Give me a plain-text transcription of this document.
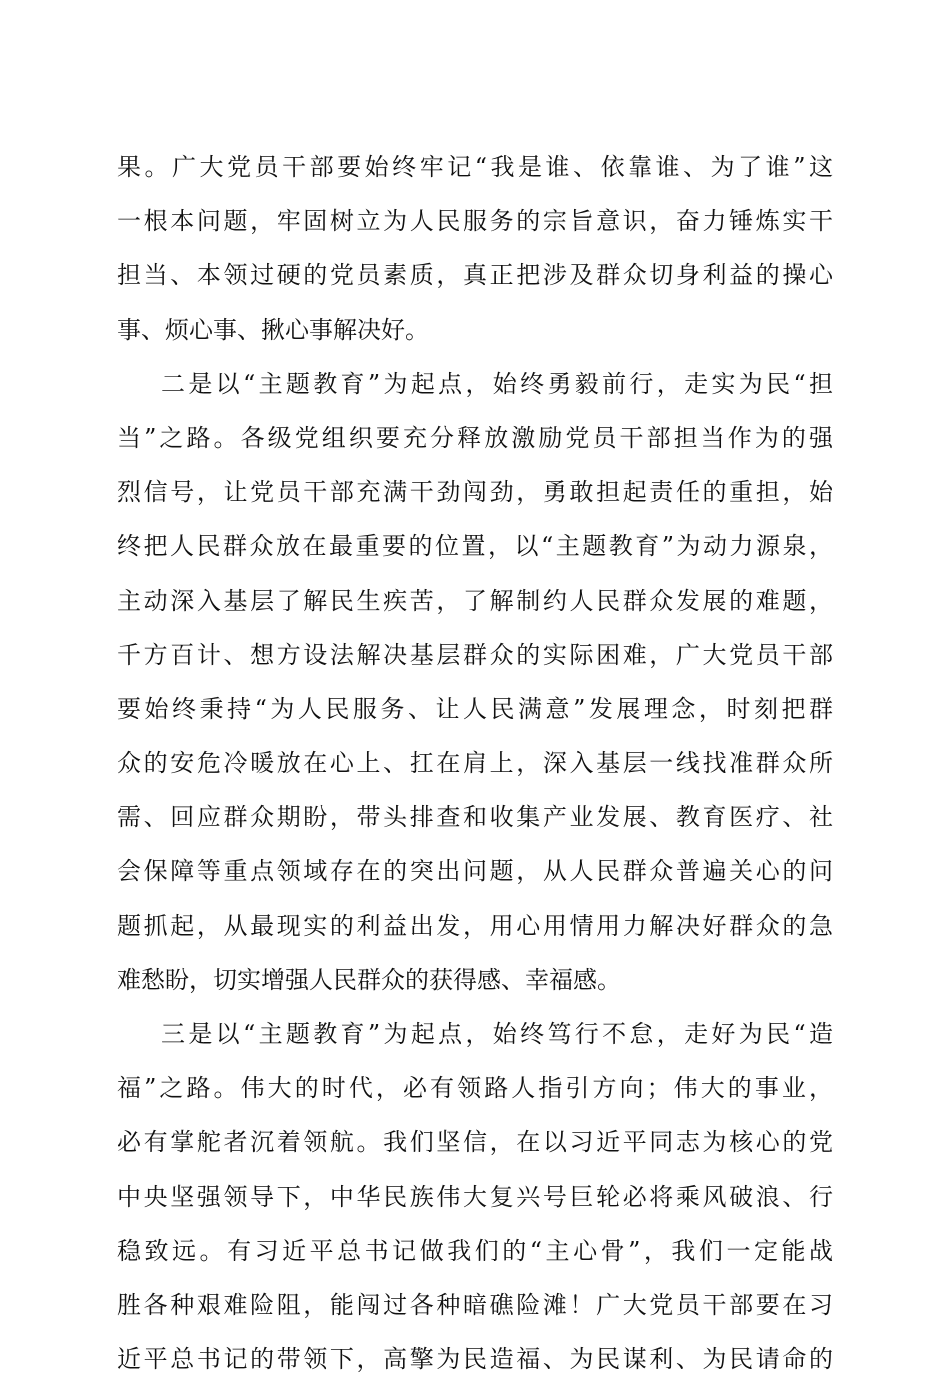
果。广大党员干部要始终牢记“我是谁、依靠谁、为了谁”这
一根本问题，牢固树立为人民服务的宗旨意识，奋力锤炼实干
担当、本领过硬的党员素质，真正把涉及群众切身利益的操心
事、烦心事、揪心事解决好。
二是以“主题教育”为起点，始终勇毅前行，走实为民“担
当”之路。各级党组织要充分释放激励党员干部担当作为的强
烈信号，让党员干部充满干劲闯劲，勇敢担起责任的重担，始
终把人民群众放在最重要的位置，以“主题教育”为动力源泉，
主动深入基层了解民生疾苦，了解制约人民群众发展的难题，
千方百计、想方设法解决基层群众的实际困难，广大党员干部
要始终秉持“为人民服务、让人民满意”发展理念，时刻把群
众的安危冷暖放在心上、扛在肩上，深入基层一线找准群众所
需、回应群众期盼，带头排查和收集产业发展、教育医疗、社
会保障等重点领域存在的突出问题，从人民群众普遍关心的问
题抓起，从最现实的利益出发，用心用情用力解决好群众的急
难愁盼，切实增强人民群众的获得感、幸福感。
三是以“主题教育”为起点，始终笃行不怠，走好为民“造
福”之路。伟大的时代，必有领路人指引方向；伟大的事业，
必有掌舵者沉着领航。我们坚信，在以习近平同志为核心的党
中央坚强领导下，中华民族伟大复兴号巨轮必将乘风破浪、行
稳致远。有习近平总书记做我们的“主心骨”，我们一定能战
胜各种艰难险阻，能闯过各种暗礁险滩！广大党员干部要在习
近平总书记的带领下，高擎为民造福、为民谋利、为民请命的
